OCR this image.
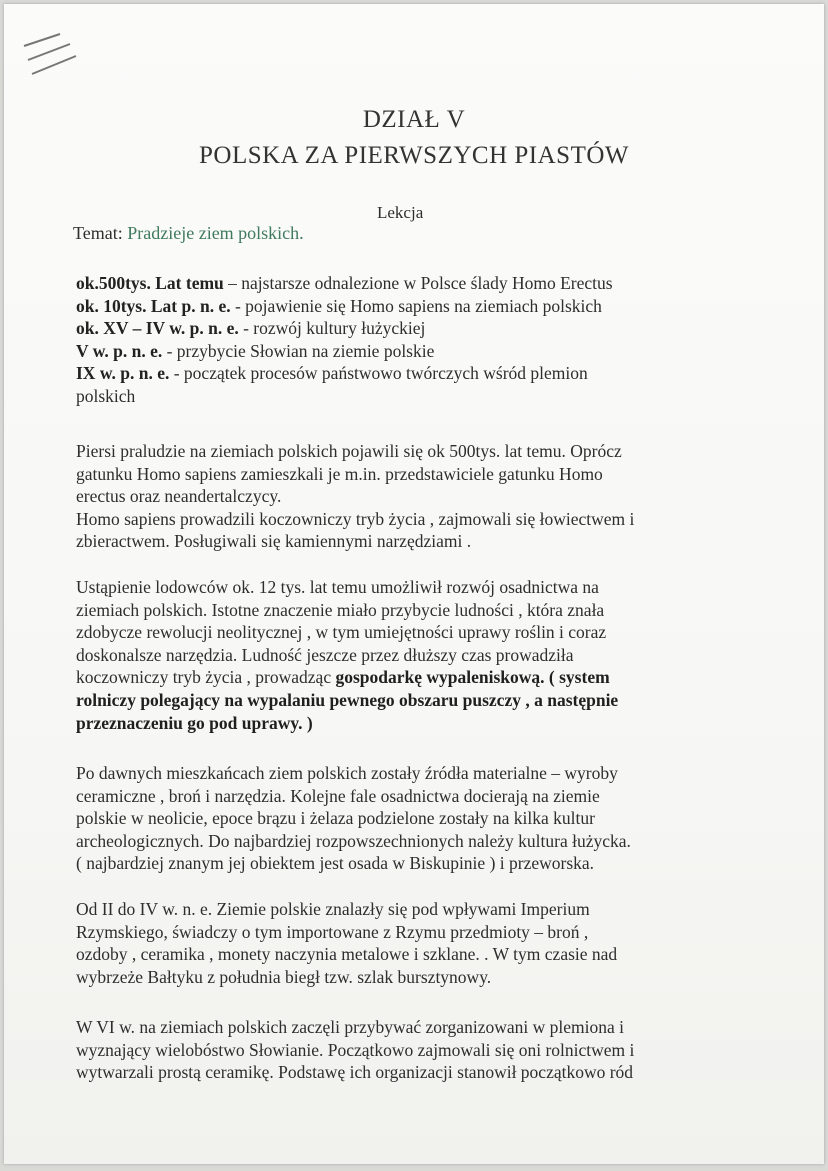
DZIAŁ V
POLSKA ZA PIERWSZYCH PIASTÓW
Lekcja
Temat: Pradzieje ziem polskich.

ok.500tys. Lat temu – najstarsze odnalezione w Polsce ślady Homo Erectus

ok. 10tys. Lat p. n. e. - pojawienie się Homo sapiens na ziemiach polskich

ok. XV – IV w. p. n. e. - rozwój kultury łużyckiej

V w. p. n. e. - przybycie Słowian na ziemie polskie

IX w. p. n. e. - początek procesów państwowo twórczych wśród plemion

polskich

Piersi praludzie na ziemiach polskich pojawili się ok 500tys. lat temu. Oprócz
gatunku Homo sapiens zamieszkali je m.in. przedstawiciele gatunku Homo
erectus oraz neandertalczycy.
Homo sapiens prowadzili koczowniczy tryb życia , zajmowali się łowiectwem i
zbieractwem. Posługiwali się kamiennymi narzędziami .
Ustąpienie lodowców ok. 12 tys. lat temu umożliwił rozwój osadnictwa na
ziemiach polskich. Istotne znaczenie miało przybycie ludności , która znała
zdobycze rewolucji neolitycznej , w tym umiejętności uprawy roślin i coraz
doskonalsze narzędzia. Ludność jeszcze przez dłuższy czas prowadziła
koczowniczy tryb życia , prowadząc gospodarkę wypaleniskową. ( system
rolniczy polegający na wypalaniu pewnego obszaru puszczy , a następnie
przeznaczeniu go pod uprawy. )
Po dawnych mieszkańcach ziem polskich zostały źródła materialne – wyroby
ceramiczne , broń i narzędzia. Kolejne fale osadnictwa docierają na ziemie
polskie w neolicie, epoce brązu i żelaza podzielone zostały na kilka kultur
archeologicznych. Do najbardziej rozpowszechnionych należy kultura łużycka.
( najbardziej znanym jej obiektem jest osada w Biskupinie ) i przeworska.
Od II do IV w. n. e. Ziemie polskie znalazły się pod wpływami Imperium
Rzymskiego, świadczy o tym importowane z Rzymu przedmioty – broń ,
ozdoby , ceramika , monety naczynia metalowe i szklane. . W tym czasie nad
wybrzeże Bałtyku z południa biegł tzw. szlak bursztynowy.
W VI w. na ziemiach polskich zaczęli przybywać zorganizowani w plemiona i
wyznający wielobóstwo Słowianie. Początkowo zajmowali się oni rolnictwem i
wytwarzali prostą ceramikę. Podstawę ich organizacji stanowił początkowo ród
